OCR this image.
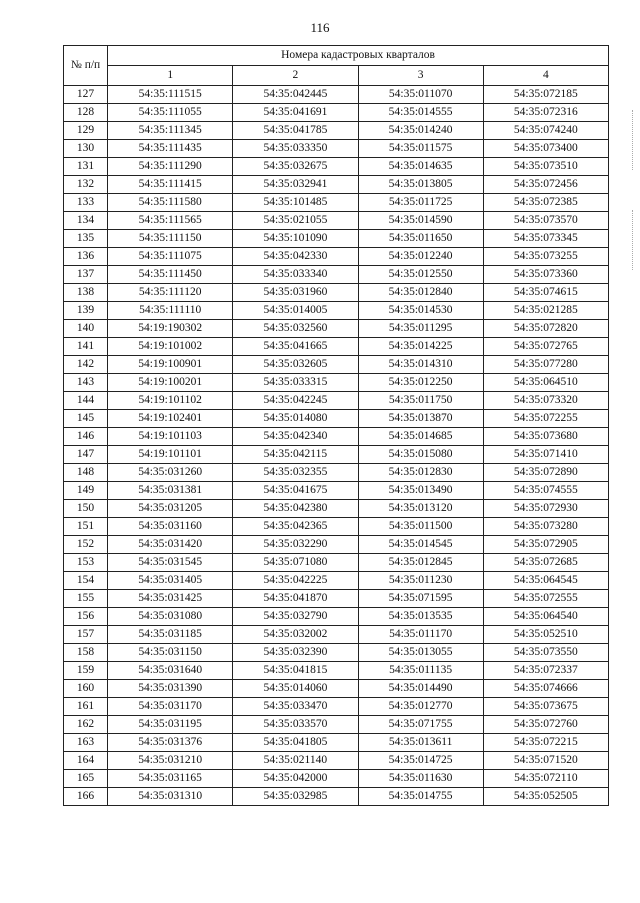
116
№ п/п	Номера кадастровых кварталов			
	1	2	3	4
127	54:35:111515	54:35:042445	54:35:011070	54:35:072185
128	54:35:111055	54:35:041691	54:35:014555	54:35:072316
129	54:35:111345	54:35:041785	54:35:014240	54:35:074240
130	54:35:111435	54:35:033350	54:35:011575	54:35:073400
131	54:35:111290	54:35:032675	54:35:014635	54:35:073510
132	54:35:111415	54:35:032941	54:35:013805	54:35:072456
133	54:35:111580	54:35:101485	54:35:011725	54:35:072385
134	54:35:111565	54:35:021055	54:35:014590	54:35:073570
135	54:35:111150	54:35:101090	54:35:011650	54:35:073345
136	54:35:111075	54:35:042330	54:35:012240	54:35:073255
137	54:35:111450	54:35:033340	54:35:012550	54:35:073360
138	54:35:111120	54:35:031960	54:35:012840	54:35:074615
139	54:35:111110	54:35:014005	54:35:014530	54:35:021285
140	54:19:190302	54:35:032560	54:35:011295	54:35:072820
141	54:19:101002	54:35:041665	54:35:014225	54:35:072765
142	54:19:100901	54:35:032605	54:35:014310	54:35:077280
143	54:19:100201	54:35:033315	54:35:012250	54:35:064510
144	54:19:101102	54:35:042245	54:35:011750	54:35:073320
145	54:19:102401	54:35:014080	54:35:013870	54:35:072255
146	54:19:101103	54:35:042340	54:35:014685	54:35:073680
147	54:19:101101	54:35:042115	54:35:015080	54:35:071410
148	54:35:031260	54:35:032355	54:35:012830	54:35:072890
149	54:35:031381	54:35:041675	54:35:013490	54:35:074555
150	54:35:031205	54:35:042380	54:35:013120	54:35:072930
151	54:35:031160	54:35:042365	54:35:011500	54:35:073280
152	54:35:031420	54:35:032290	54:35:014545	54:35:072905
153	54:35:031545	54:35:071080	54:35:012845	54:35:072685
154	54:35:031405	54:35:042225	54:35:011230	54:35:064545
155	54:35:031425	54:35:041870	54:35:071595	54:35:072555
156	54:35:031080	54:35:032790	54:35:013535	54:35:064540
157	54:35:031185	54:35:032002	54:35:011170	54:35:052510
158	54:35:031150	54:35:032390	54:35:013055	54:35:073550
159	54:35:031640	54:35:041815	54:35:011135	54:35:072337
160	54:35:031390	54:35:014060	54:35:014490	54:35:074666
161	54:35:031170	54:35:033470	54:35:012770	54:35:073675
162	54:35:031195	54:35:033570	54:35:071755	54:35:072760
163	54:35:031376	54:35:041805	54:35:013611	54:35:072215
164	54:35:031210	54:35:021140	54:35:014725	54:35:071520
165	54:35:031165	54:35:042000	54:35:011630	54:35:072110
166	54:35:031310	54:35:032985	54:35:014755	54:35:052505
